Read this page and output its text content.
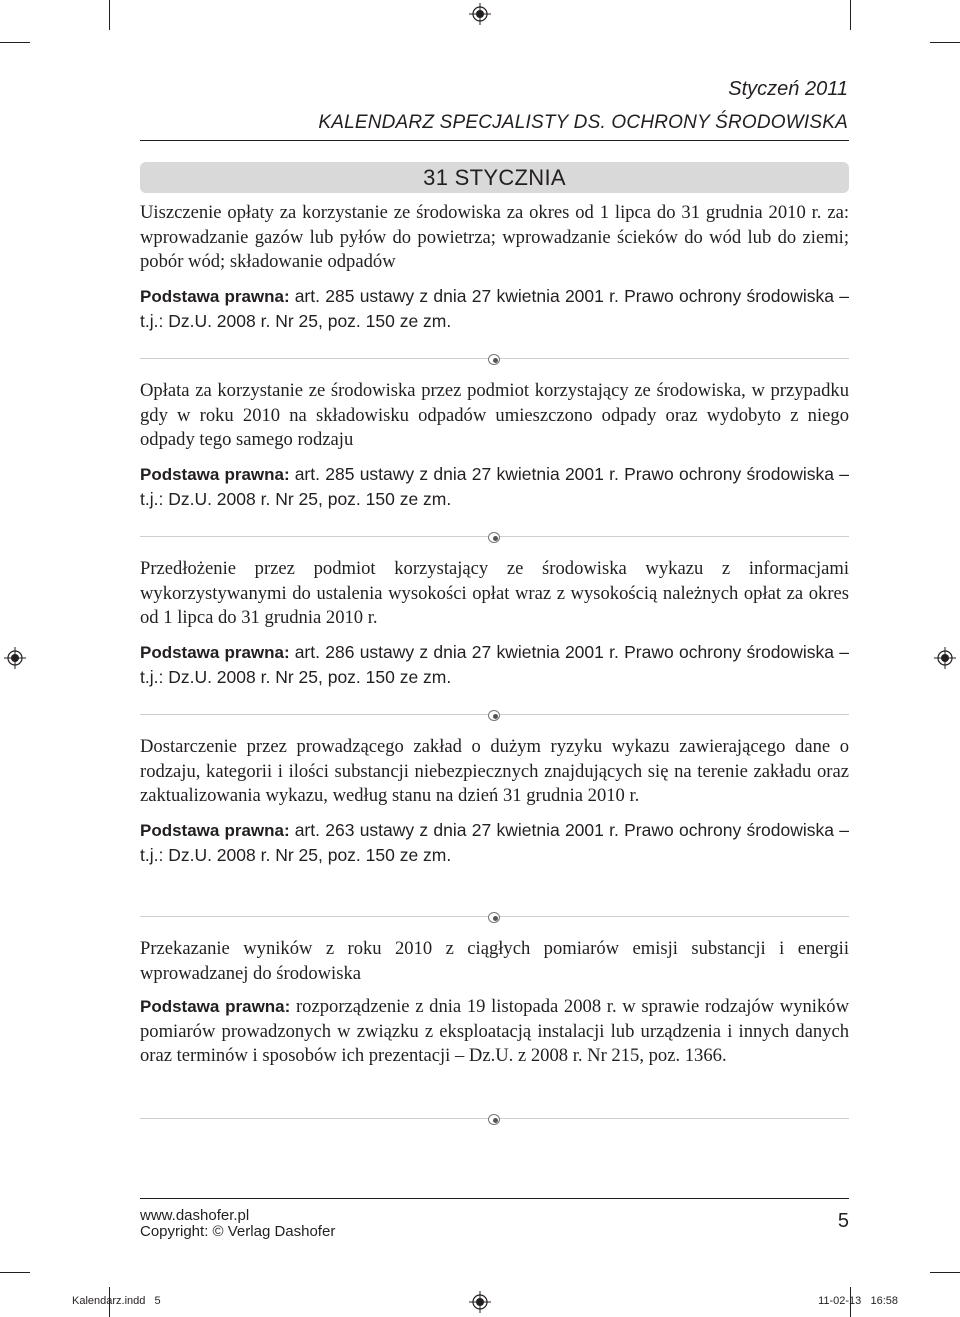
Styczeń 2011
KALENDARZ SPECJALISTY DS. OCHRONY ŚRODOWISKA
31 STYCZNIA

Uiszczenie opłaty za korzystanie ze środowiska za okres od 1 lipca do 31 grudnia 2010 r. za: wprowadzanie gazów lub pyłów do powietrza; wprowadzanie ścieków do wód lub do ziemi; pobór wód; składowanie odpadów

Podstawa prawna: art. 285 ustawy z dnia 27 kwietnia 2001 r. Prawo ochrony środowiska – t.j.: Dz.U. 2008 r. Nr 25, poz. 150 ze zm.

Opłata za korzystanie ze środowiska przez podmiot korzystający ze środowiska, w przypadku gdy w roku 2010 na składowisku odpadów umieszczono odpady oraz wydobyto z niego odpady tego samego rodzaju

Podstawa prawna: art. 285 ustawy z dnia 27 kwietnia 2001 r. Prawo ochrony środowiska – t.j.: Dz.U. 2008 r. Nr 25, poz. 150 ze zm.

Przedłożenie przez podmiot korzystający ze środowiska wykazu z informacjami wykorzystywanymi do ustalenia wysokości opłat wraz z wysokością należnych opłat za okres od 1 lipca do 31 grudnia 2010 r.

Podstawa prawna: art. 286 ustawy z dnia 27 kwietnia 2001 r. Prawo ochrony środowiska – t.j.: Dz.U. 2008 r. Nr 25, poz. 150 ze zm.

Dostarczenie przez prowadzącego zakład o dużym ryzyku wykazu zawierającego dane o rodzaju, kategorii i ilości substancji niebezpiecznych znajdujących się na terenie zakładu oraz zaktualizowania wykazu, według stanu na dzień 31 grudnia 2010 r.

Podstawa prawna: art. 263 ustawy z dnia 27 kwietnia 2001 r. Prawo ochrony środowiska – t.j.: Dz.U. 2008 r. Nr 25, poz. 150 ze zm.

Przekazanie wyników z roku 2010 z ciągłych pomiarów emisji substancji i energii wprowadzanej do środowiska

Podstawa prawna: rozporządzenie z dnia 19 listopada 2008 r. w sprawie rodzajów wyników pomiarów prowadzonych w związku z eksploatacją instalacji lub urządzenia i innych danych oraz terminów i sposobów ich prezentacji – Dz.U. z 2008 r. Nr 215, poz. 1366.

www.dashofer.pl
Copyright: © Verlag Dashofer	5
Kalendarz.indd   5	11-02-13   16:58
